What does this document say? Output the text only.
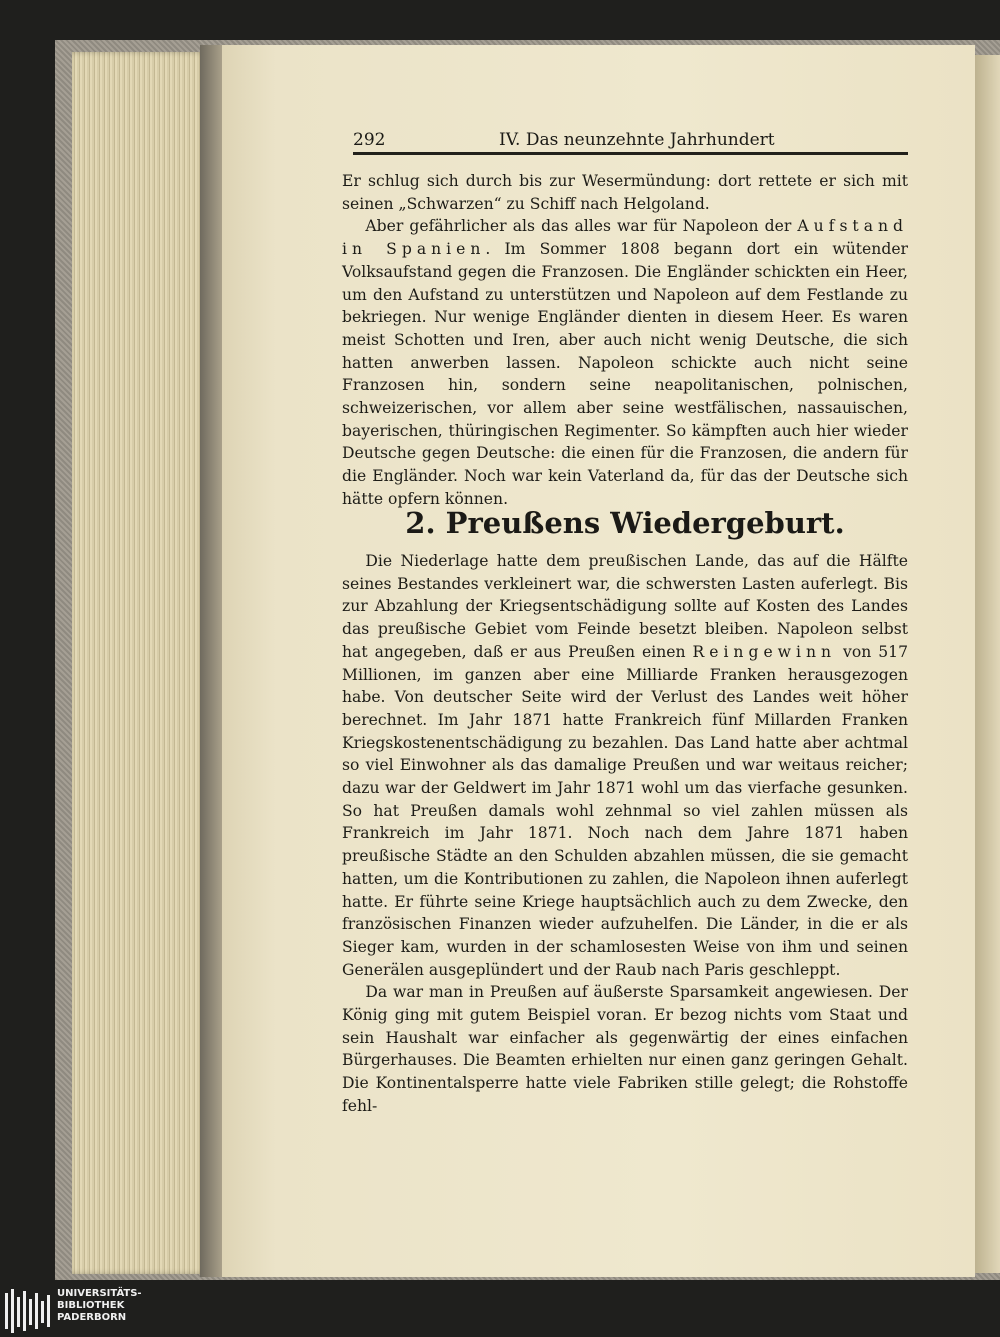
292	IV. Das neunzehnte Jahrhundert

Er schlug sich durch bis zur Wesermündung: dort rettete er sich mit seinen „Schwarzen“ zu Schiff nach Helgoland.

Aber gefährlicher als das alles war für Napoleon der Aufstand in Spanien. Im Sommer 1808 begann dort ein wütender Volksaufstand gegen die Franzosen. Die Engländer schickten ein Heer, um den Aufstand zu unterstützen und Napoleon auf dem Festlande zu bekriegen. Nur wenige Engländer dienten in diesem Heer. Es waren meist Schotten und Iren, aber auch nicht wenig Deutsche, die sich hatten anwerben lassen. Napoleon schickte auch nicht seine Franzosen hin, sondern seine neapolitanischen, polnischen, schweizerischen, vor allem aber seine westfälischen, nassauischen, bayerischen, thüringischen Regimenter. So kämpften auch hier wieder Deutsche gegen Deutsche: die einen für die Franzosen, die andern für die Engländer. Noch war kein Vaterland da, für das der Deutsche sich hätte opfern können.

2. Preußens Wiedergeburt.

Die Niederlage hatte dem preußischen Lande, das auf die Hälfte seines Bestandes verkleinert war, die schwersten Lasten auferlegt. Bis zur Abzahlung der Kriegsentschädigung sollte auf Kosten des Landes das preußische Gebiet vom Feinde besetzt bleiben. Napoleon selbst hat angegeben, daß er aus Preußen einen Reingewinn von 517 Millionen, im ganzen aber eine Milliarde Franken herausgezogen habe. Von deutscher Seite wird der Verlust des Landes weit höher berechnet. Im Jahr 1871 hatte Frankreich fünf Millarden Franken Kriegskostenentschädigung zu bezahlen. Das Land hatte aber achtmal so viel Einwohner als das damalige Preußen und war weitaus reicher; dazu war der Geldwert im Jahr 1871 wohl um das vierfache gesunken. So hat Preußen damals wohl zehnmal so viel zahlen müssen als Frankreich im Jahr 1871. Noch nach dem Jahre 1871 haben preußische Städte an den Schulden abzahlen müssen, die sie gemacht hatten, um die Kontributionen zu zahlen, die Napoleon ihnen auferlegt hatte. Er führte seine Kriege hauptsächlich auch zu dem Zwecke, den französischen Finanzen wieder aufzuhelfen. Die Länder, in die er als Sieger kam, wurden in der schamlosesten Weise von ihm und seinen Generälen ausgeplündert und der Raub nach Paris geschleppt.

Da war man in Preußen auf äußerste Sparsamkeit angewiesen. Der König ging mit gutem Beispiel voran. Er bezog nichts vom Staat und sein Haushalt war einfacher als gegenwärtig der eines einfachen Bürgerhauses. Die Beamten erhielten nur einen ganz geringen Gehalt. Die Kontinentalsperre hatte viele Fabriken stille gelegt; die Rohstoffe fehl-

UNIVERSITÄTS-
BIBLIOTHEK
PADERBORN
